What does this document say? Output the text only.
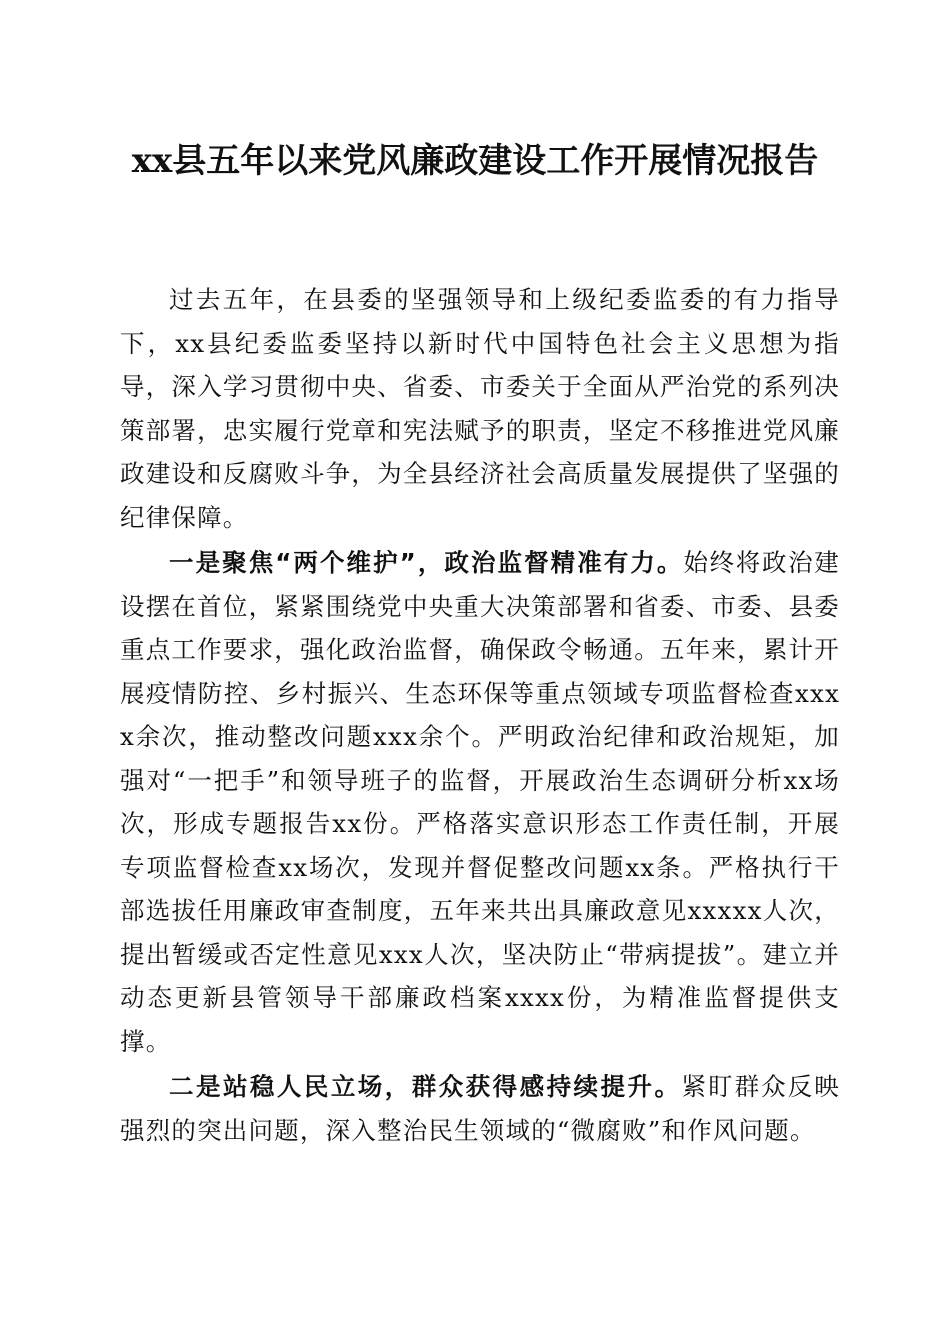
xx县五年以来党风廉政建设工作开展情况报告

过去五年，在县委的坚强领导和上级纪委监委的有力指导下，xx县纪委监委坚持以新时代中国特色社会主义思想为指导，深入学习贯彻中央、省委、市委关于全面从严治党的系列决策部署，忠实履行党章和宪法赋予的职责，坚定不移推进党风廉政建设和反腐败斗争，为全县经济社会高质量发展提供了坚强的纪律保障。

一是聚焦“两个维护”，政治监督精准有力。始终将政治建设摆在首位，紧紧围绕党中央重大决策部署和省委、市委、县委重点工作要求，强化政治监督，确保政令畅通。五年来，累计开展疫情防控、乡村振兴、生态环保等重点领域专项监督检查xxxx余次，推动整改问题xxx余个。严明政治纪律和政治规矩，加强对“一把手”和领导班子的监督，开展政治生态调研分析xx场次，形成专题报告xx份。严格落实意识形态工作责任制，开展专项监督检查xx场次，发现并督促整改问题xx条。严格执行干部选拔任用廉政审查制度，五年来共出具廉政意见xxxxx人次，提出暂缓或否定性意见xxx人次，坚决防止“带病提拔”。建立并动态更新县管领导干部廉政档案xxxx份，为精准监督提供支撑。

二是站稳人民立场，群众获得感持续提升。紧盯群众反映强烈的突出问题，深入整治民生领域的“微腐败”和作风问题。
